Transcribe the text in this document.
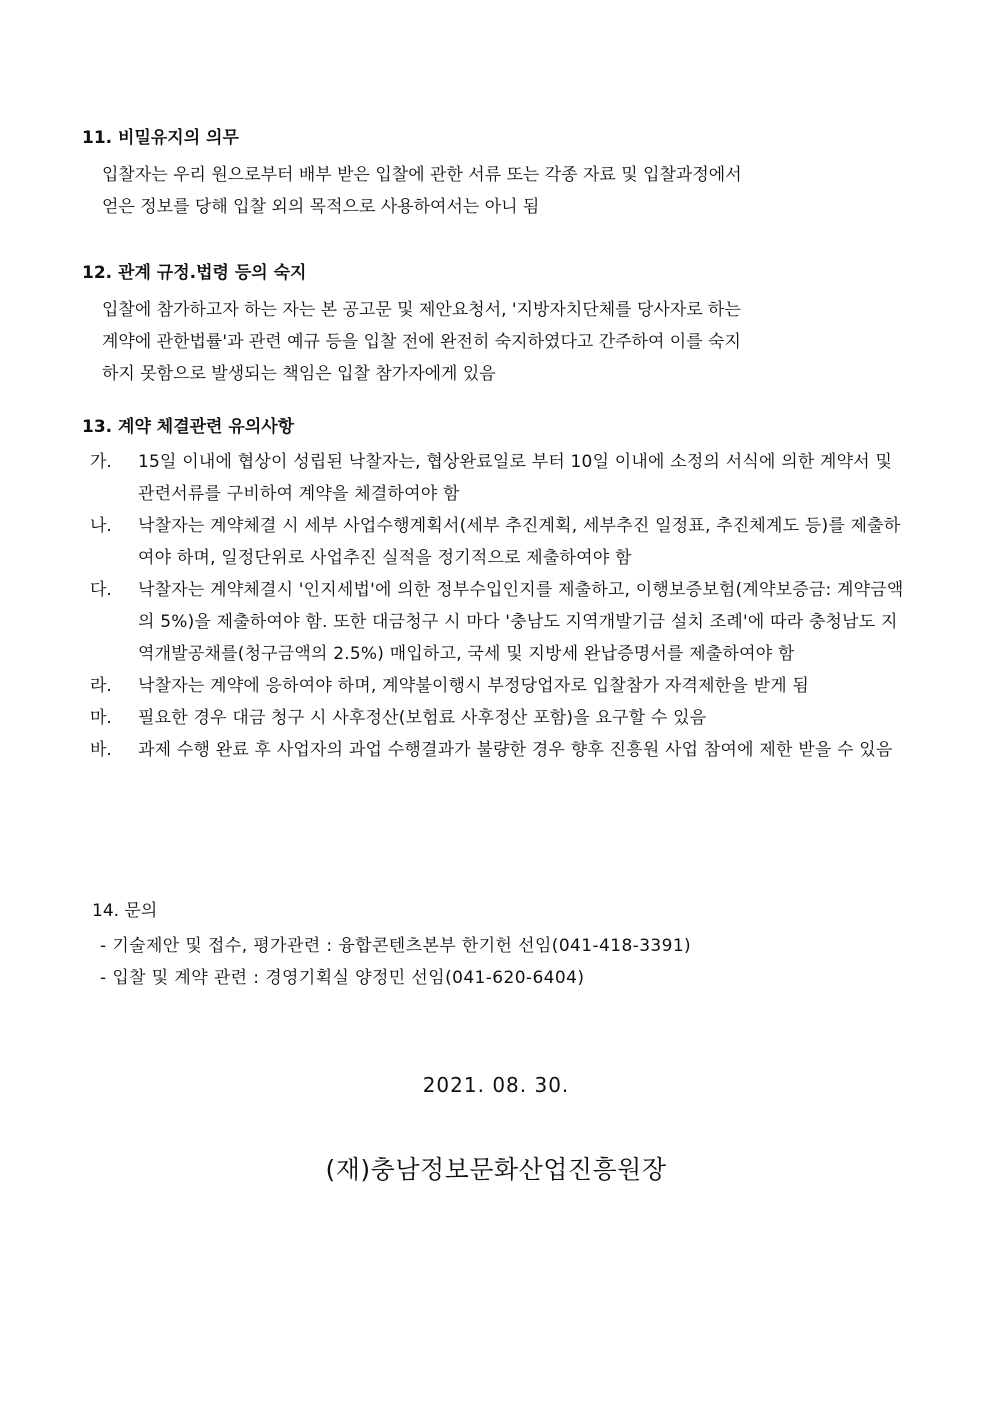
11. 비밀유지의 의무
입찰자는 우리 원으로부터 배부 받은 입찰에 관한 서류 또는 각종 자료 및 입찰과정에서
얻은 정보를 당해 입찰 외의 목적으로 사용하여서는 아니 됨
12. 관계 규정.법령 등의 숙지
입찰에 참가하고자 하는 자는 본 공고문 및 제안요청서, '지방자치단체를 당사자로 하는
계약에 관한법률'과 관련 예규 등을 입찰 전에 완전히 숙지하였다고 간주하여 이를 숙지
하지 못함으로 발생되는 책임은 입찰 참가자에게 있음
13. 계약 체결관련 유의사항
가.	15일 이내에 협상이 성립된 낙찰자는, 협상완료일로 부터 10일 이내에 소정의 서식에 의한 계약서 및 관련서류를 구비하여 계약을 체결하여야 함
나.	낙찰자는 계약체결 시 세부 사업수행계획서(세부 추진계획, 세부추진 일정표, 추진체계도 등)를 제출하여야 하며, 일정단위로 사업추진 실적을 정기적으로 제출하여야 함
다.	낙찰자는 계약체결시 '인지세법'에 의한 정부수입인지를 제출하고, 이행보증보험(계약보증금: 계약금액의 5%)을 제출하여야 함. 또한 대금청구 시 마다 '충남도 지역개발기금 설치 조례'에 따라 충청남도 지역개발공채를(청구금액의 2.5%) 매입하고, 국세 및 지방세 완납증명서를 제출하여야 함
라.	낙찰자는 계약에 응하여야 하며, 계약불이행시 부정당업자로 입찰참가 자격제한을 받게 됨
마.	필요한 경우 대금 청구 시 사후정산(보험료 사후정산 포함)을 요구할 수 있음
바.	과제 수행 완료 후 사업자의 과업 수행결과가 불량한 경우 향후 진흥원 사업 참여에 제한 받을 수 있음
14. 문의
- 기술제안 및 접수, 평가관련 : 융합콘텐츠본부 한기헌 선임(041-418-3391)
- 입찰 및 계약 관련 : 경영기획실 양정민 선임(041-620-6404)
2021. 08. 30.
(재)충남정보문화산업진흥원장
